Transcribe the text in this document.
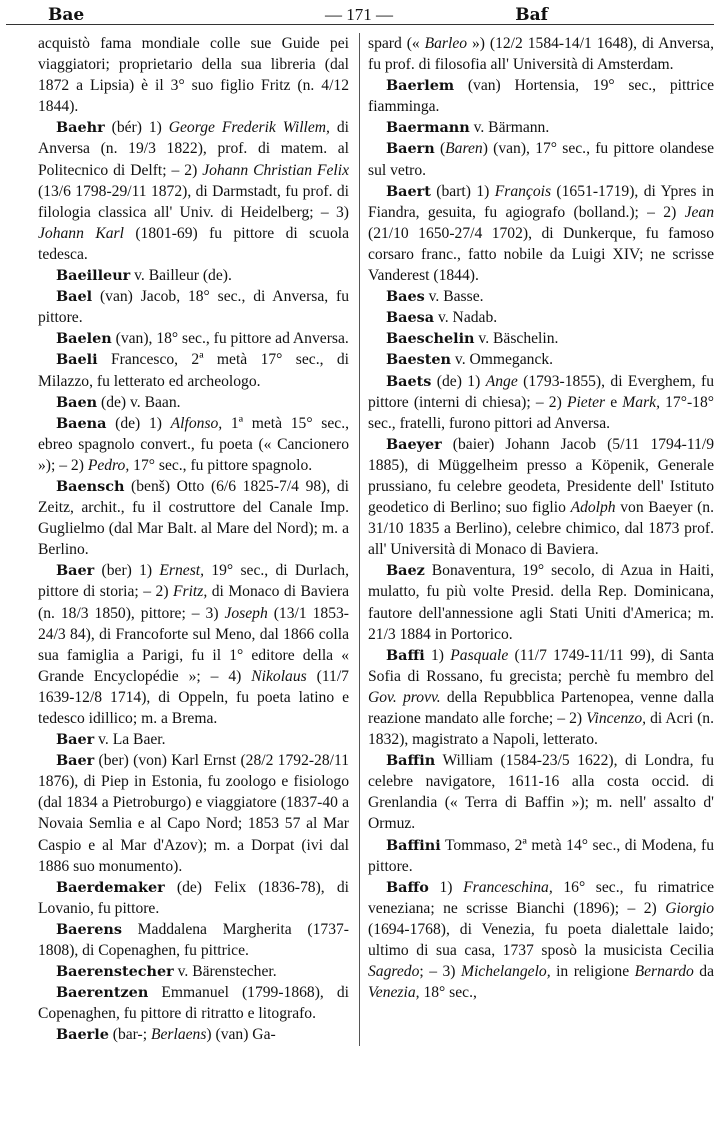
Bae	— 171 —	Baf

acquistò fama mondiale colle sue Guide pei viaggiatori; proprietario della sua libreria (dal 1872 a Lipsia) è il 3° suo figlio Fritz (n. 4/12 1844).

Baehr (bér) 1) George Frederik Willem, di Anversa (n. 19/3 1822), prof. di matem. al Politecnico di Delft; – 2) Johann Christian Felix (13/6 1798-29/11 1872), di Darmstadt, fu prof. di filologia classica all' Univ. di Heidelberg; – 3) Johann Karl (1801-69) fu pittore di scuola tedesca.

Baeilleur v. Bailleur (de).

Bael (van) Jacob, 18° sec., di Anversa, fu pittore.

Baelen (van), 18° sec., fu pittore ad Anversa.

Baeli Francesco, 2ª metà 17° sec., di Milazzo, fu letterato ed archeologo.

Baen (de) v. Baan.

Baena (de) 1) Alfonso, 1ª metà 15° sec., ebreo spagnolo convert., fu poeta (« Cancionero »); – 2) Pedro, 17° sec., fu pittore spagnolo.

Baensch (benš) Otto (6/6 1825-7/4 98), di Zeitz, archit., fu il costruttore del Canale Imp. Guglielmo (dal Mar Balt. al Mare del Nord); m. a Berlino.

Baer (ber) 1) Ernest, 19° sec., di Durlach, pittore di storia; – 2) Fritz, di Monaco di Baviera (n. 18/3 1850), pittore; – 3) Joseph (13/1 1853-24/3 84), di Francoforte sul Meno, dal 1866 colla sua famiglia a Parigi, fu il 1° editore della « Grande Encyclopédie »; – 4) Nikolaus (11/7 1639-12/8 1714), di Oppeln, fu poeta latino e tedesco idillico; m. a Brema.

Baer v. La Baer.

Baer (ber) (von) Karl Ernst (28/2 1792-28/11 1876), di Piep in Estonia, fu zoologo e fisiologo (dal 1834 a Pietroburgo) e viaggiatore (1837-40 a Novaia Semlia e al Capo Nord; 1853 57 al Mar Caspio e al Mar d'Azov); m. a Dorpat (ivi dal 1886 suo monumento).

Baerdemaker (de) Felix (1836-78), di Lovanio, fu pittore.

Baerens Maddalena Margherita (1737-1808), di Copenaghen, fu pittrice.

Baerenstecher v. Bärenstecher.

Baerentzen Emmanuel (1799-1868), di Copenaghen, fu pittore di ritratto e litografo.

Baerle (bar-; Berlaens) (van) Ga-

spard (« Barleo ») (12/2 1584-14/1 1648), di Anversa, fu prof. di filosofia all' Università di Amsterdam.

Baerlem (van) Hortensia, 19° sec., pittrice fiamminga.

Baermann v. Bärmann.

Baern (Baren) (van), 17° sec., fu pittore olandese sul vetro.

Baert (bart) 1) François (1651-1719), di Ypres in Fiandra, gesuita, fu agiografo (bolland.); – 2) Jean (21/10 1650-27/4 1702), di Dunkerque, fu famoso corsaro franc., fatto nobile da Luigi XIV; ne scrisse Vanderest (1844).

Baes v. Basse.

Baesa v. Nadab.

Baeschelin v. Bäschelin.

Baesten v. Ommeganck.

Baets (de) 1) Ange (1793-1855), di Everghem, fu pittore (interni di chiesa); – 2) Pieter e Mark, 17°-18° sec., fratelli, furono pittori ad Anversa.

Baeyer (baier) Johann Jacob (5/11 1794-11/9 1885), di Müggelheim presso a Köpenik, Generale prussiano, fu celebre geodeta, Presidente dell' Istituto geodetico di Berlino; suo figlio Adolph von Baeyer (n. 31/10 1835 a Berlino), celebre chimico, dal 1873 prof. all' Università di Monaco di Baviera.

Baez Bonaventura, 19° secolo, di Azua in Haiti, mulatto, fu più volte Presid. della Rep. Dominicana, fautore dell'annessione agli Stati Uniti d'America; m. 21/3 1884 in Portorico.

Baffi 1) Pasquale (11/7 1749-11/11 99), di Santa Sofia di Rossano, fu grecista; perchè fu membro del Gov. provv. della Repubblica Partenopea, venne dalla reazione mandato alle forche; – 2) Vincenzo, di Acri (n. 1832), magistrato a Napoli, letterato.

Baffin William (1584-23/5 1622), di Londra, fu celebre navigatore, 1611-16 alla costa occid. di Grenlandia (« Terra di Baffin »); m. nell' assalto d' Ormuz.

Baffini Tommaso, 2ª metà 14° sec., di Modena, fu pittore.

Baffo 1) Franceschina, 16° sec., fu rimatrice veneziana; ne scrisse Bianchi (1896); – 2) Giorgio (1694-1768), di Venezia, fu poeta dialettale laido; ultimo di sua casa, 1737 sposò la musicista Cecilia Sagredo; – 3) Michelangelo, in religione Bernardo da Venezia, 18° sec.,
